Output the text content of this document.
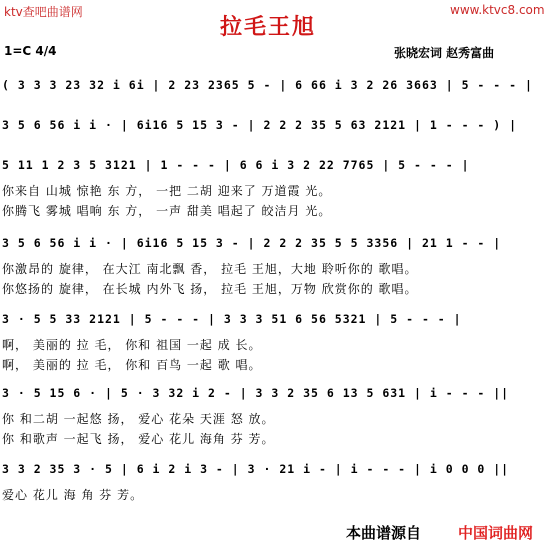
ktv查吧曲谱网	www.ktvc8.com
拉毛王旭
1=C 4/4	张晓宏词 赵秀富曲
( 3 3 3 23 32 i 6i | 2 23 2365 5 - | 6 66 i 3 2 26 3663 | 5 - - - |
3 5 6 56 i i · | 6i16 5 15 3 - | 2 2 2 35 5 63 2121 | 1 - - - ) |
5 11 1 2 3 5 3121 | 1 - - - | 6 6 i 3 2 22 7765 | 5 - - - |
你来自 山城 惊艳 东 方， 一把 二胡 迎来了 万道霞 光。
你腾飞 雾城 唱响 东 方， 一声 甜美 唱起了 皎洁月 光。
3 5 6 56 i i · | 6i16 5 15 3 - | 2 2 2 35 5 5 3356 | 21 1 - - |
你激昂的 旋律， 在大江 南北飘 香， 拉毛 王旭，大地 聆听你的 歌唱。
你悠扬的 旋律， 在长城 内外飞 扬， 拉毛 王旭，万物 欣赏你的 歌唱。
3 · 5 5 33 2121 | 5 - - - | 3 3 3 51 6 56 5321 | 5 - - - |
啊， 美丽的 拉 毛， 你和 祖国 一起 成 长。
啊， 美丽的 拉 毛， 你和 百鸟 一起 歌 唱。
3 · 5 15 6 · | 5 · 3 32 i 2 - | 3 3 2 35 6 13 5 631 | i - - - ||
你 和二胡 一起悠 扬， 爱心 花朵 天涯 怒 放。
你 和歌声 一起飞 扬， 爱心 花儿 海角 芬 芳。
3 3 2 35 3 · 5 | 6 i 2 i 3 - | 3 · 21 i - | i - - - | i 0 0 0 ||
爱心 花儿 海 角 芬 芳。
本曲谱源自 中国词曲网
